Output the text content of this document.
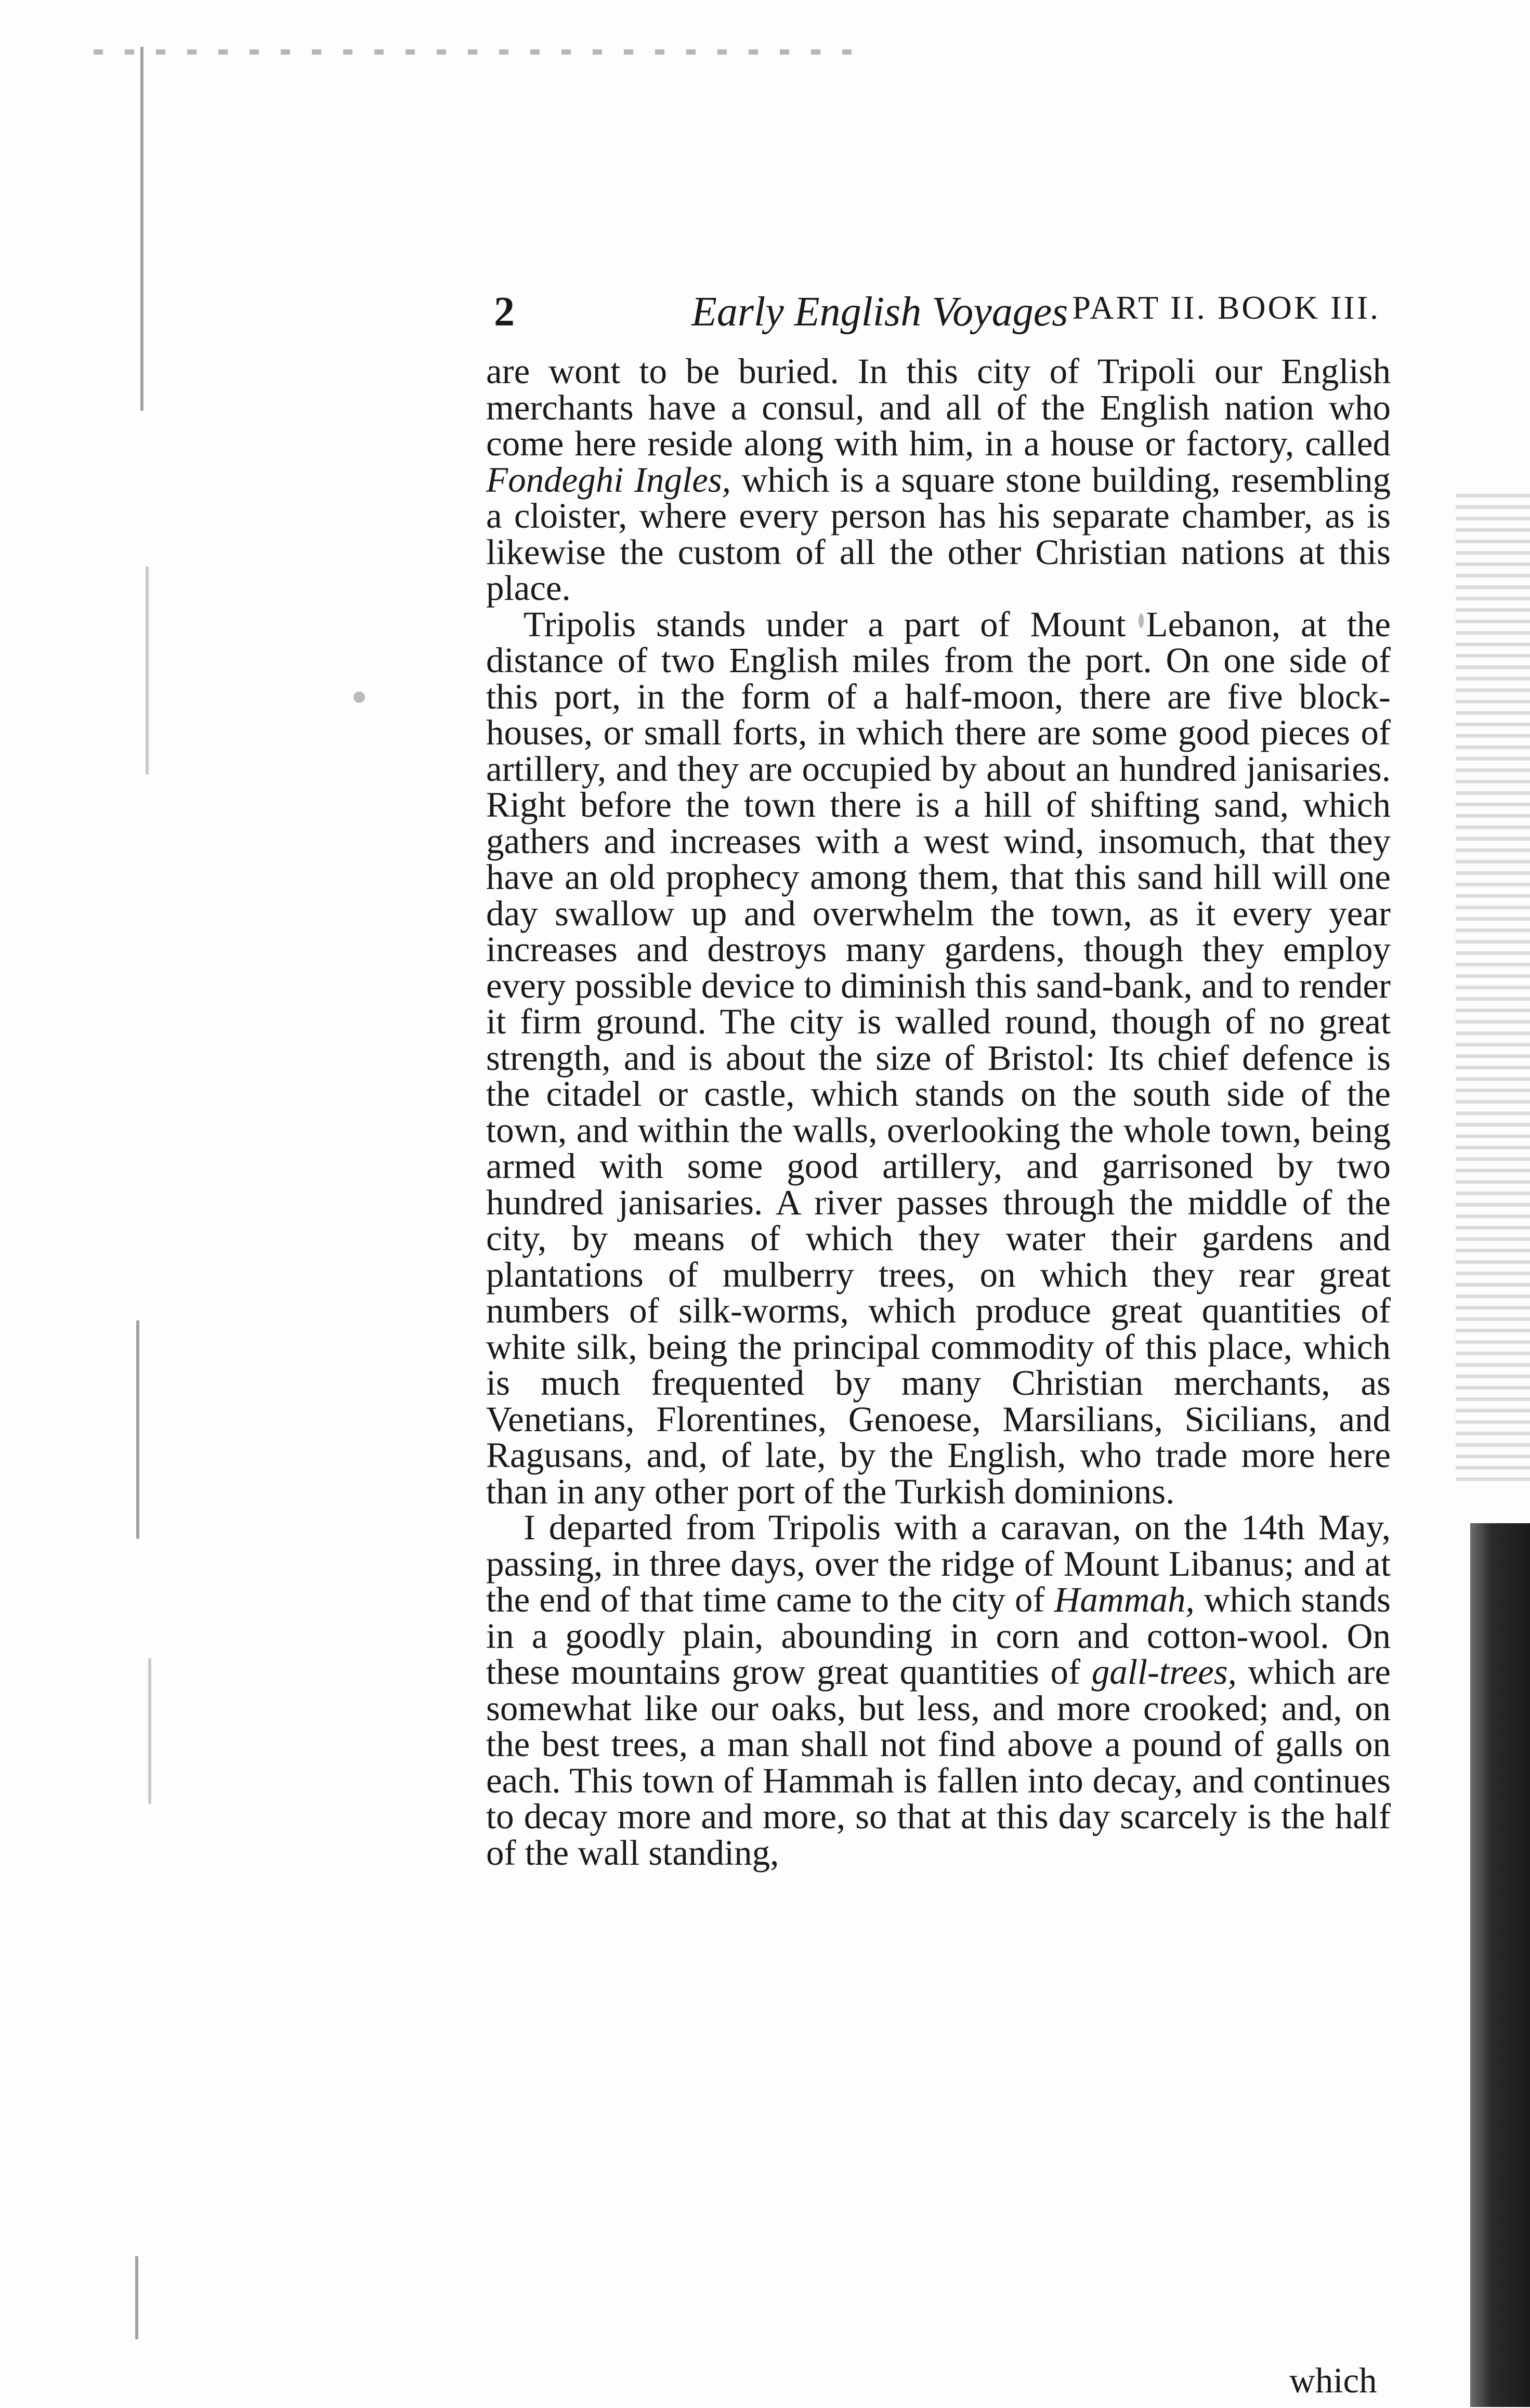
2	Early English Voyages PART II. BOOK III.

are wont to be buried. In this city of Tripoli our English merchants have a consul, and all of the English nation who come here reside along with him, in a house or factory, called Fondeghi Ingles, which is a square stone building, resembling a cloister, where every person has his separate chamber, as is likewise the custom of all the other Christian nations at this place.

Tripolis stands under a part of Mount Lebanon, at the distance of two English miles from the port. On one side of this port, in the form of a half-moon, there are five block-houses, or small forts, in which there are some good pieces of artillery, and they are occupied by about an hundred janisaries. Right before the town there is a hill of shifting sand, which gathers and increases with a west wind, insomuch, that they have an old prophecy among them, that this sand hill will one day swallow up and overwhelm the town, as it every year increases and destroys many gardens, though they employ every possible device to diminish this sand-bank, and to render it firm ground. The city is walled round, though of no great strength, and is about the size of Bristol: Its chief defence is the citadel or castle, which stands on the south side of the town, and within the walls, overlooking the whole town, being armed with some good artillery, and garrisoned by two hundred janisaries. A river passes through the middle of the city, by means of which they water their gardens and plantations of mulberry trees, on which they rear great numbers of silk-worms, which produce great quantities of white silk, being the principal commodity of this place, which is much frequented by many Christian merchants, as Venetians, Florentines, Genoese, Marsilians, Sicilians, and Ragusans, and, of late, by the English, who trade more here than in any other port of the Turkish dominions.

I departed from Tripolis with a caravan, on the 14th May, passing, in three days, over the ridge of Mount Libanus; and at the end of that time came to the city of Hammah, which stands in a goodly plain, abounding in corn and cotton-wool. On these mountains grow great quantities of gall-trees, which are somewhat like our oaks, but less, and more crooked; and, on the best trees, a man shall not find above a pound of galls on each. This town of Hammah is fallen into decay, and continues to decay more and more, so that at this day scarcely is the half of the wall standing,

which
